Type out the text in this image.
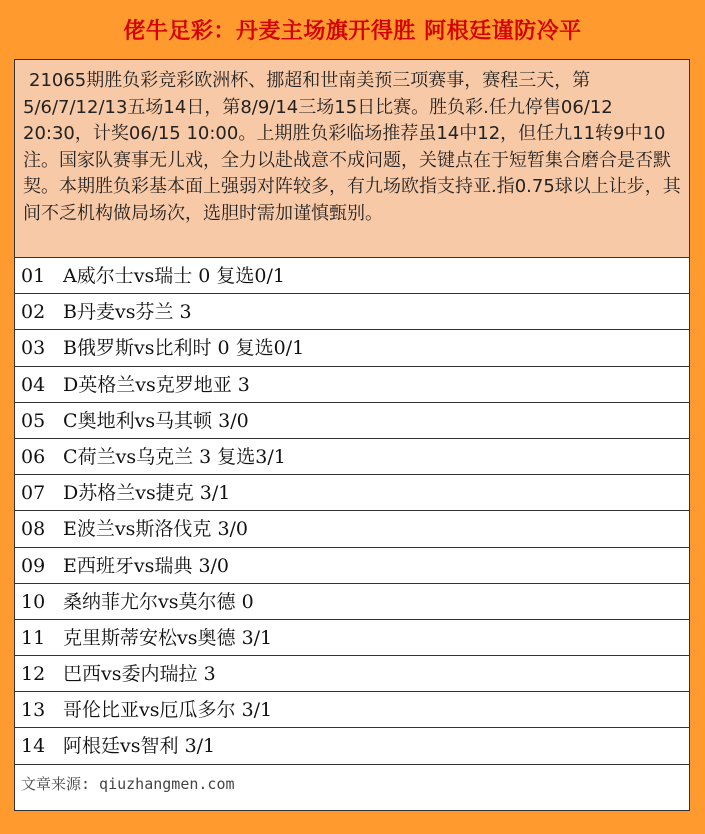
佬牛足彩：丹麦主场旗开得胜 阿根廷谨防冷平
21065期胜负彩竞彩欧洲杯、挪超和世南美预三项赛事，赛程三天，第5/6/7/12/13五场14日，第8/9/14三场15日比赛。胜负彩.任九停售06/12 20:30，计奖06/15 10:00。上期胜负彩临场推荐虽14中12，但任九11转9中10注。国家队赛事无儿戏，全力以赴战意不成问题，关键点在于短暂集合磨合是否默契。本期胜负彩基本面上强弱对阵较多，有九场欧指支持亚.指0.75球以上让步，其间不乏机构做局场次，选胆时需加谨慎甄别。
01 A威尔士vs瑞士 0 复选0/1
02 B丹麦vs芬兰 3
03 B俄罗斯vs比利时 0 复选0/1
04 D英格兰vs克罗地亚 3
05 C奥地利vs马其顿 3/0
06 C荷兰vs乌克兰 3 复选3/1
07 D苏格兰vs捷克 3/1
08 E波兰vs斯洛伐克 3/0
09 E西班牙vs瑞典 3/0
10 桑纳菲尤尔vs莫尔德 0
11 克里斯蒂安松vs奥德 3/1
12 巴西vs委内瑞拉 3
13 哥伦比亚vs厄瓜多尔 3/1
14 阿根廷vs智利 3/1
文章来源: qiuzhangmen.com
